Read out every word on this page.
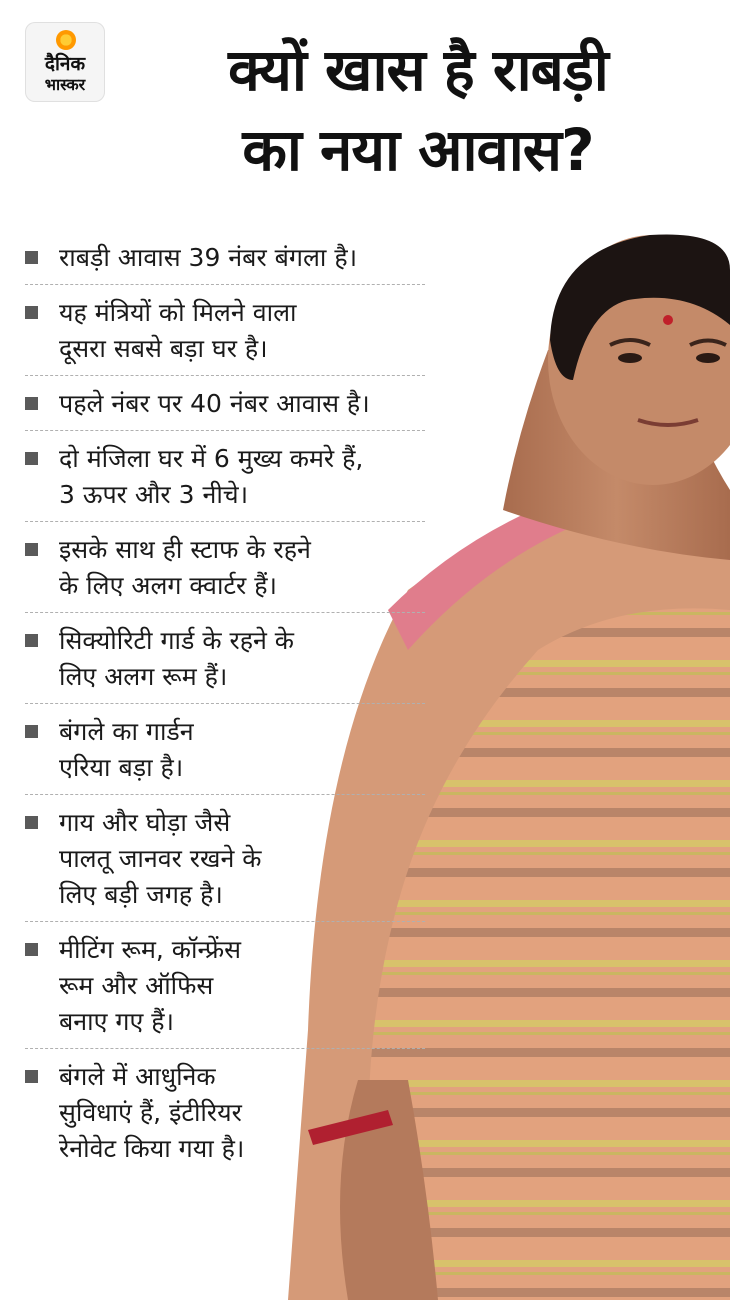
दैनिक
भास्कर	क्यों खास है राबड़ी
का नया आवास?
राबड़ी आवास 39 नंबर बंगला है।
यह मंत्रियों को मिलने वाला
दूसरा सबसे बड़ा घर है।
पहले नंबर पर 40 नंबर आवास है।
दो मंजिला घर में 6 मुख्य कमरे हैं,
3 ऊपर और 3 नीचे।
इसके साथ ही स्टाफ के रहने
के लिए अलग क्वार्टर हैं।
सिक्योरिटी गार्ड के रहने के
लिए अलग रूम हैं।
बंगले का गार्डन
एरिया बड़ा है।
गाय और घोड़ा जैसे
पालतू जानवर रखने के
लिए बड़ी जगह है।
मीटिंग रूम, कॉन्फ्रेंस
रूम और ऑफिस
बनाए गए हैं।
बंगले में आधुनिक
सुविधाएं हैं, इंटीरियर
रेनोवेट किया गया है।
